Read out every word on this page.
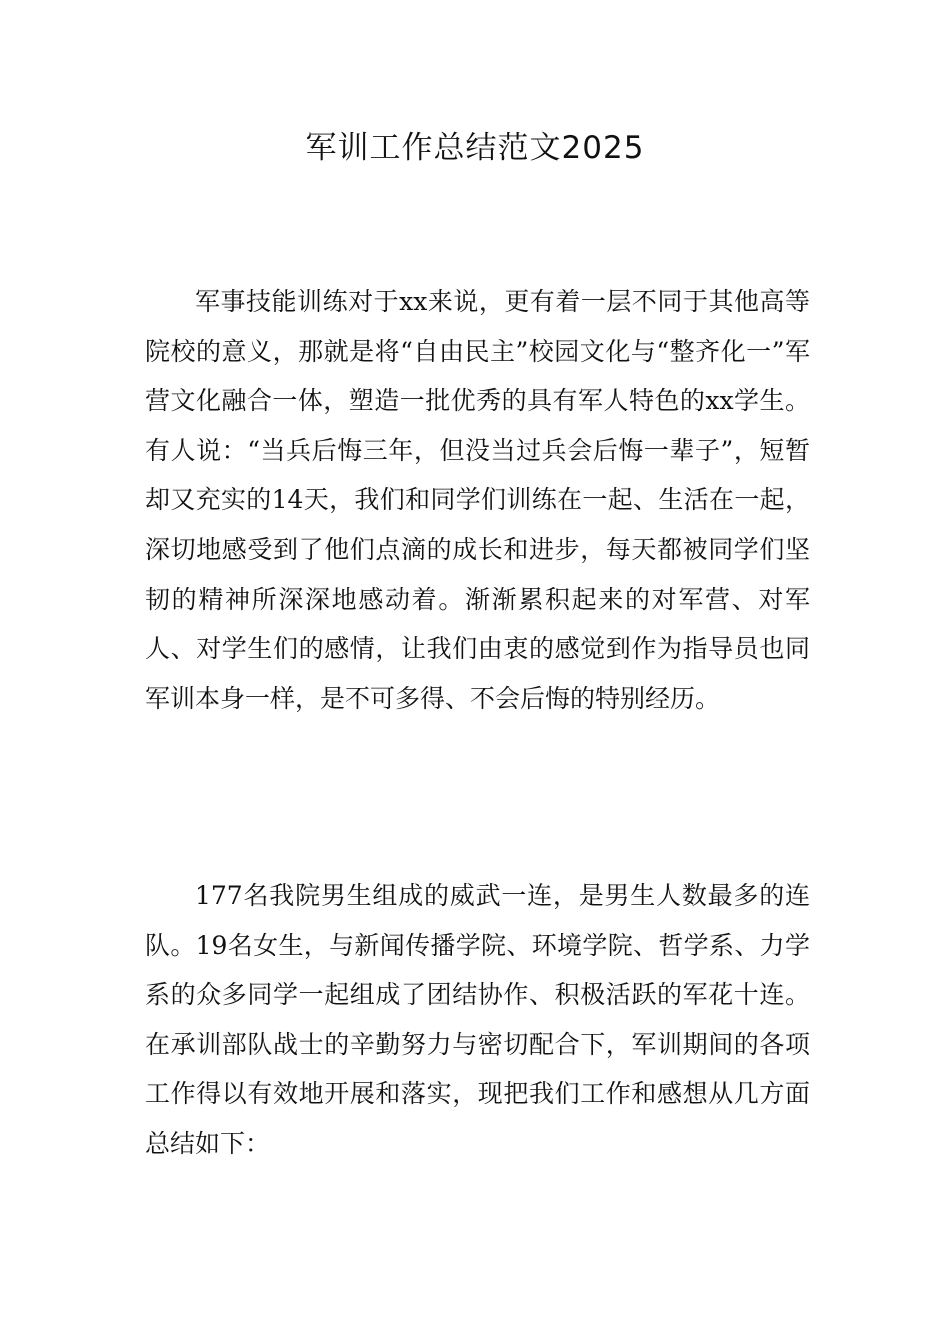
军训工作总结范文2025

军事技能训练对于xx来说，更有着一层不同于其他高等院校的意义，那就是将“自由民主”校园文化与“整齐化一”军营文化融合一体，塑造一批优秀的具有军人特色的xx学生。有人说：“当兵后悔三年，但没当过兵会后悔一辈子”，短暂却又充实的14天，我们和同学们训练在一起、生活在一起，深切地感受到了他们点滴的成长和进步，每天都被同学们坚韧的精神所深深地感动着。渐渐累积起来的对军营、对军人、对学生们的感情，让我们由衷的感觉到作为指导员也同军训本身一样，是不可多得、不会后悔的特别经历。

177名我院男生组成的威武一连，是男生人数最多的连队。19名女生，与新闻传播学院、环境学院、哲学系、力学系的众多同学一起组成了团结协作、积极活跃的军花十连。在承训部队战士的辛勤努力与密切配合下，军训期间的各项工作得以有效地开展和落实，现把我们工作和感想从几方面总结如下：
